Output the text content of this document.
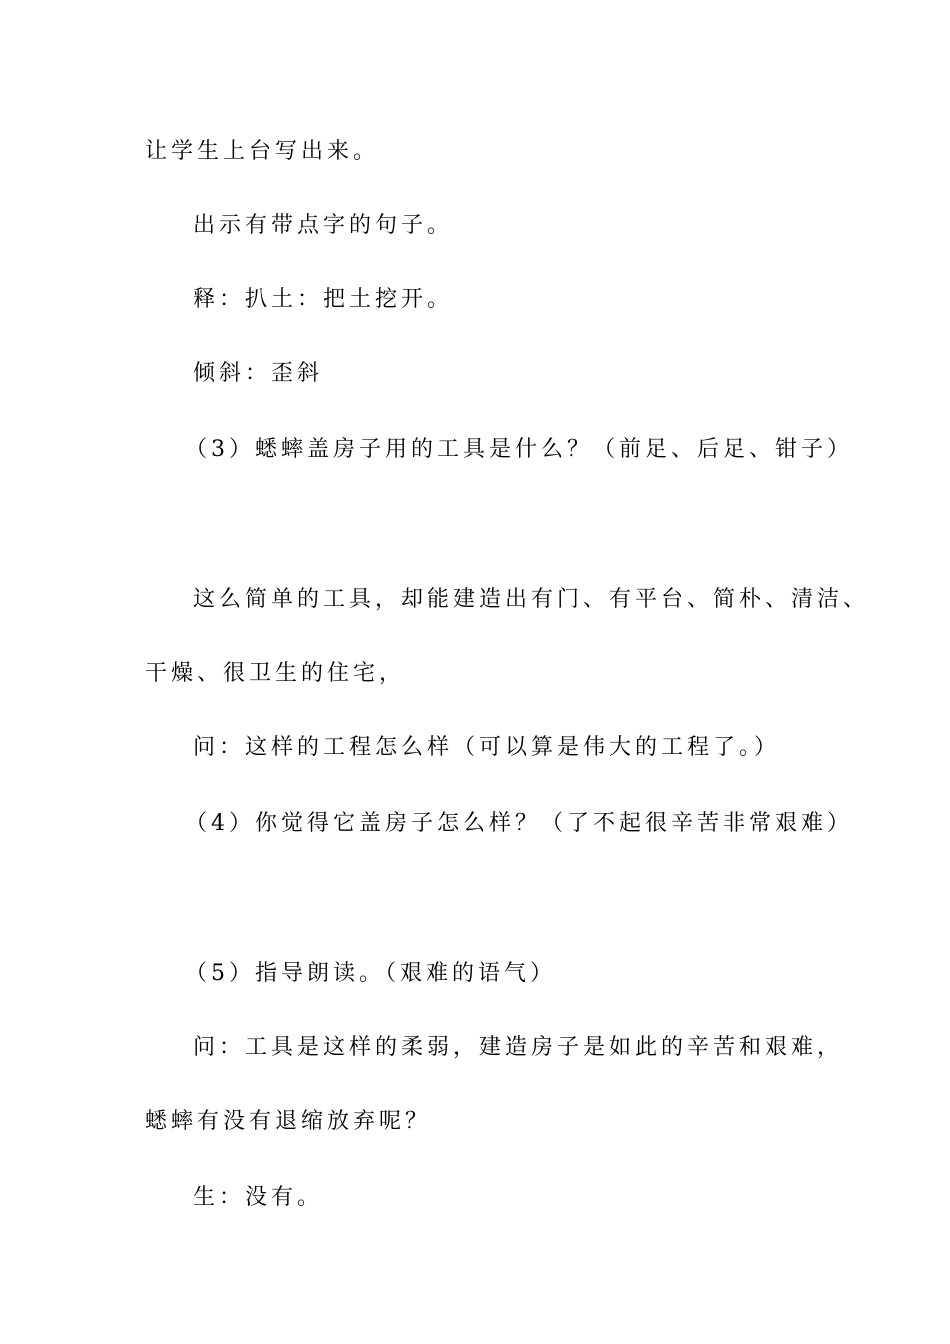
让学生上台写出来。
出示有带点字的句子。
释：扒土：把土挖开。
倾斜：歪斜
（3）蟋蟀盖房子用的工具是什么？（前足、后足、钳子）
这么简单的工具，却能建造出有门、有平台、简朴、清洁、
干燥、很卫生的住宅，
问：这样的工程怎么样（可以算是伟大的工程了。）
（4）你觉得它盖房子怎么样？（了不起很辛苦非常艰难）
（5）指导朗读。（艰难的语气）
问：工具是这样的柔弱，建造房子是如此的辛苦和艰难，
蟋蟀有没有退缩放弃呢？
生：没有。
